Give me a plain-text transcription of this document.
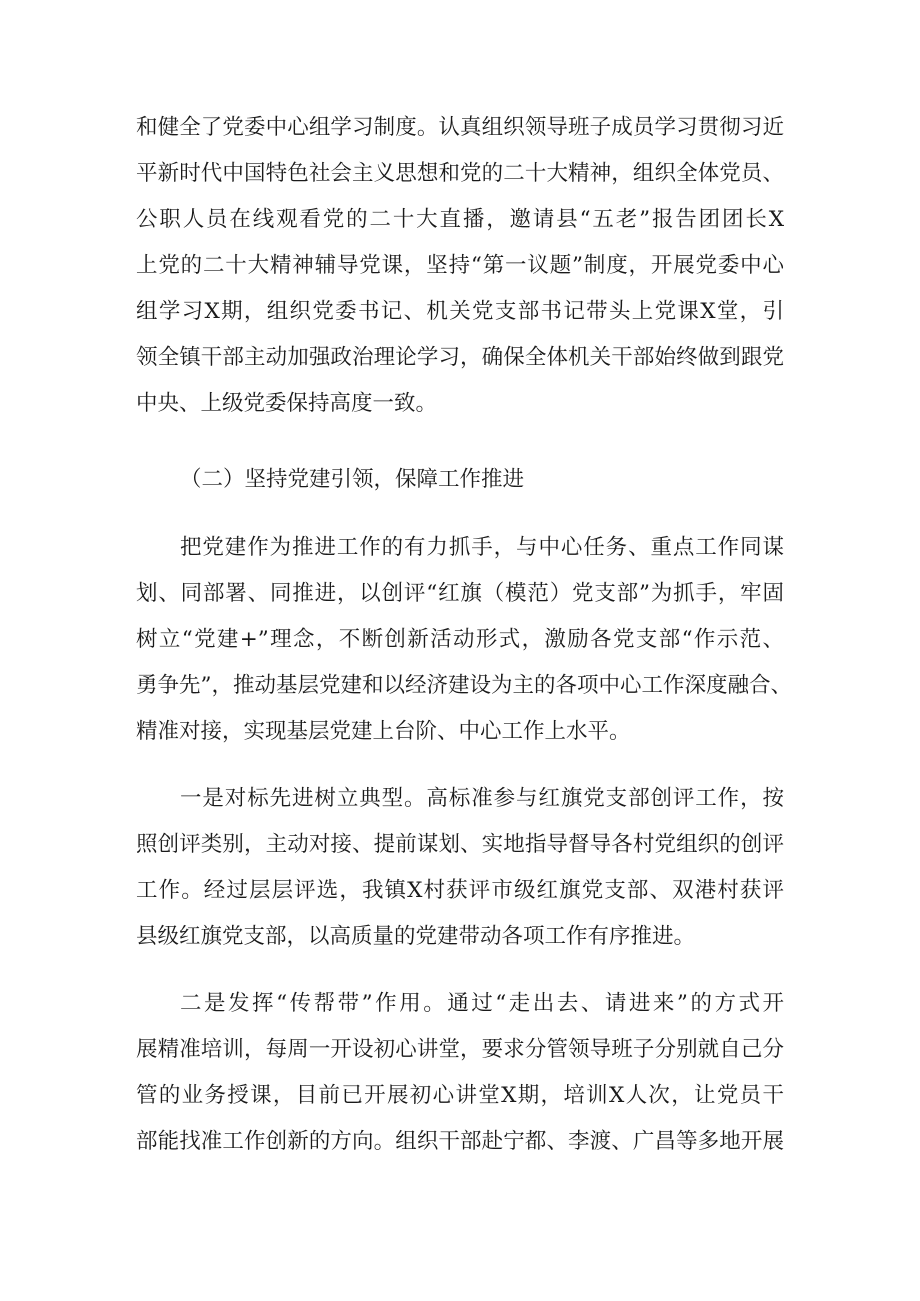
和健全了党委中心组学习制度。认真组织领导班子成员学习贯彻习近
平新时代中国特色社会主义思想和党的二十大精神，组织全体党员、
公职人员在线观看党的二十大直播，邀请县“五老”报告团团长X
上党的二十大精神辅导党课，坚持“第一议题”制度，开展党委中心
组学习X期，组织党委书记、机关党支部书记带头上党课X堂，引
领全镇干部主动加强政治理论学习，确保全体机关干部始终做到跟党
中央、上级党委保持高度一致。
（二）坚持党建引领，保障工作推进
把党建作为推进工作的有力抓手，与中心任务、重点工作同谋
划、同部署、同推进，以创评“红旗（模范）党支部”为抓手，牢固
树立“党建+”理念，不断创新活动形式，激励各党支部“作示范、
勇争先”，推动基层党建和以经济建设为主的各项中心工作深度融合、
精准对接，实现基层党建上台阶、中心工作上水平。
一是对标先进树立典型。高标准参与红旗党支部创评工作，按
照创评类别，主动对接、提前谋划、实地指导督导各村党组织的创评
工作。经过层层评选，我镇X村获评市级红旗党支部、双港村获评
县级红旗党支部，以高质量的党建带动各项工作有序推进。
二是发挥“传帮带”作用。通过“走出去、请进来”的方式开
展精准培训，每周一开设初心讲堂，要求分管领导班子分别就自己分
管的业务授课，目前已开展初心讲堂X期，培训X人次，让党员干
部能找准工作创新的方向。组织干部赴宁都、李渡、广昌等多地开展
